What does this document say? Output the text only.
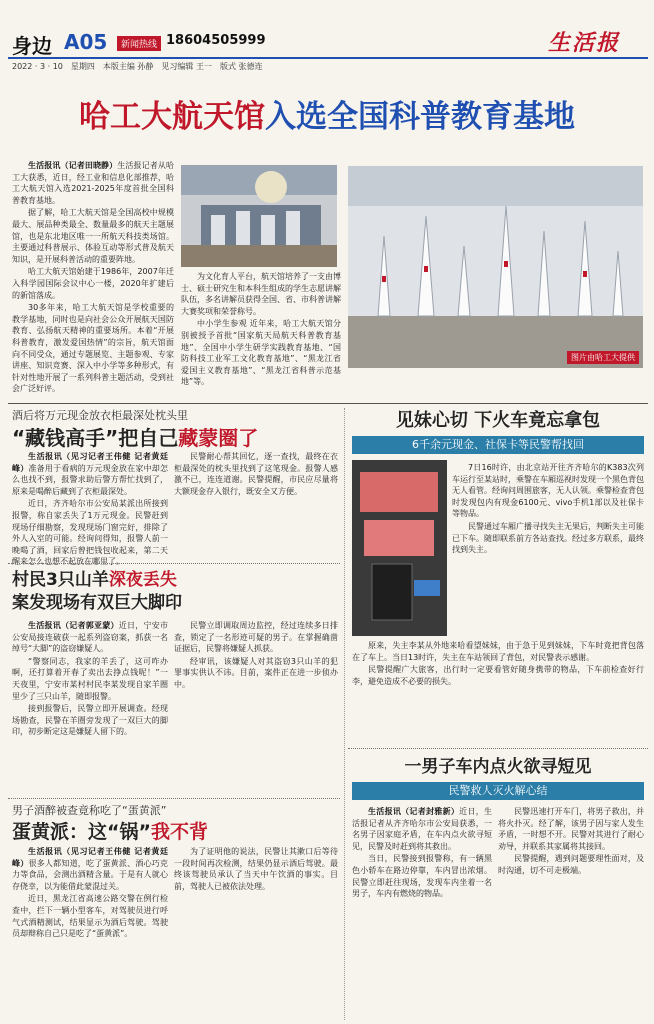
身边 A05	新闻热线 18604505999	生活报
2022 · 3 · 10　星期四　本版主编 孙静　见习编辑 王一　版式 张德连
哈工大航天馆入选全国科普教育基地

生活报讯（记者田晓静）生活报记者从哈工大获悉，近日，经工业和信息化部推荐，哈工大航天馆入选2021-2025年度首批全国科普教育基地。

据了解，哈工大航天馆是全国高校中规模最大、展品种类最全、数量最多的航天主题展馆，也是东北地区唯一一所航天科技类场馆。主要通过科普展示、体验互动等形式普及航天知识，是开展科普活动的重要阵地。

哈工大航天馆始建于1986年，2007年迁入科学园国际会议中心一楼，2020年扩建后的新馆落成。

30多年来，哈工大航天馆是学校重要的教学基地，同时也是向社会公众开展航天国防教育、弘扬航天精神的重要场所。本着“开展科普教育，激发爱国热情”的宗旨，航天馆面向不同受众，通过专题展览、主题参观、专家讲座、知识竞赛、深入中小学等多种形式，有针对性地开展了一系列科普主题活动，受到社会广泛好评。

为文化育人平台，航天馆培养了一支由博士、硕士研究生和本科生组成的学生志愿讲解队伍，多名讲解员获得全国、省、市科普讲解大赛奖项和荣誉称号。

中小学生参观 近年来，哈工大航天馆分别被授予首批“国家航天局航天科普教育基地”、全国中小学生研学实践教育基地、“国防科技工业军工文化教育基地”、“黑龙江省爱国主义教育基地”、“黑龙江省科普示范基地”等。

图片由哈工大提供
酒后将万元现金放衣柜最深处枕头里
“藏钱高手”把自己藏蒙圈了

生活报讯（见习记者王伟健 记者黄廷峰）准备用于看病的万元现金放在家中却怎么也找不到，报警求助后警方帮忙找到了，原来是喝醉后藏到了衣柜最深处。

近日，齐齐哈尔市公安局某派出所接到报警，称自家丢失了1万元现金。民警赶到现场仔细勘察，发现现场门窗完好，排除了外人入室的可能。经询问得知，报警人前一晚喝了酒，回家后曾把钱包收起来，第二天醒来怎么也想不起放在哪里了。

民警耐心帮其回忆，逐一查找，最终在衣柜最深处的枕头里找到了这笔现金。报警人感激不已，连连道谢。民警提醒，市民应尽量将大额现金存入银行，既安全又方便。

村民3只山羊深夜丢失
案发现场有双巨大脚印

生活报讯（记者郭亚蒙）近日，宁安市公安局接连破获一起系列盗窃案，抓获一名绰号“大脚”的盗窃嫌疑人。

“警察同志，我家的羊丢了，这可咋办啊，还打算着开春了卖出去挣点钱呢！”一天夜里，宁安市某村村民李某发现自家羊圈里少了三只山羊，随即报警。

接到报警后，民警立即开展调查。经现场勘查，民警在羊圈旁发现了一双巨大的脚印，初步断定这是嫌疑人留下的。

民警立即调取周边监控，经过连续多日排查，锁定了一名形迹可疑的男子。在掌握确凿证据后，民警将嫌疑人抓获。

经审讯，该嫌疑人对其盗窃3只山羊的犯罪事实供认不讳。目前，案件正在进一步侦办中。

男子酒醉被查竟称吃了“蛋黄派”
蛋黄派：这“锅”我不背

生活报讯（见习记者王伟健 记者黄廷峰）很多人都知道，吃了蛋黄派、酒心巧克力等食品，会测出酒精含量。于是有人就心存侥幸，以为能借此蒙混过关。

近日，黑龙江省高速公路交警在例行检查中，拦下一辆小型客车，对驾驶员进行呼气式酒精测试，结果显示为酒后驾驶。驾驶员却辩称自己只是吃了“蛋黄派”。

为了证明他的说法，民警让其漱口后等待一段时间再次检测，结果仍显示酒后驾驶。最终该驾驶员承认了当天中午饮酒的事实。目前，驾驶人已被依法处理。

见妹心切 下火车竟忘拿包
6千余元现金、社保卡等民警帮找回

7日16时许，由北京站开往齐齐哈尔的K383次列车运行至某站时，乘警在车厢巡视时发现一个黑色背包无人看管。经询问周围旅客，无人认领。乘警检查背包时发现包内有现金6100元、vivo手机1部以及社保卡等物品。

民警通过车厢广播寻找失主无果后，判断失主可能已下车。随即联系前方各站查找。经过多方联系，最终找到失主。

原来，失主李某从外地来哈看望妹妹，由于急于见到妹妹，下车时竟把背包落在了车上。当日13时许，失主在车站领回了背包，对民警表示感谢。

民警提醒广大旅客，出行时一定要看管好随身携带的物品，下车前检查好行李，避免造成不必要的损失。

一男子车内点火欲寻短见
民警救人灭火解心结

生活报讯（记者封雅新）近日，生活报记者从齐齐哈尔市公安局获悉，一名男子因家庭矛盾，在车内点火欲寻短见，民警及时赶到将其救出。

当日，民警接到报警称，有一辆黑色小轿车在路边停靠，车内冒出浓烟。民警立即赶往现场，发现车内坐着一名男子，车内有燃烧的物品。

民警迅速打开车门，将男子救出，并将火扑灭。经了解，该男子因与家人发生矛盾，一时想不开。民警对其进行了耐心劝导，并联系其家属将其接回。

民警提醒，遇到问题要理性面对，及时沟通，切不可走极端。
